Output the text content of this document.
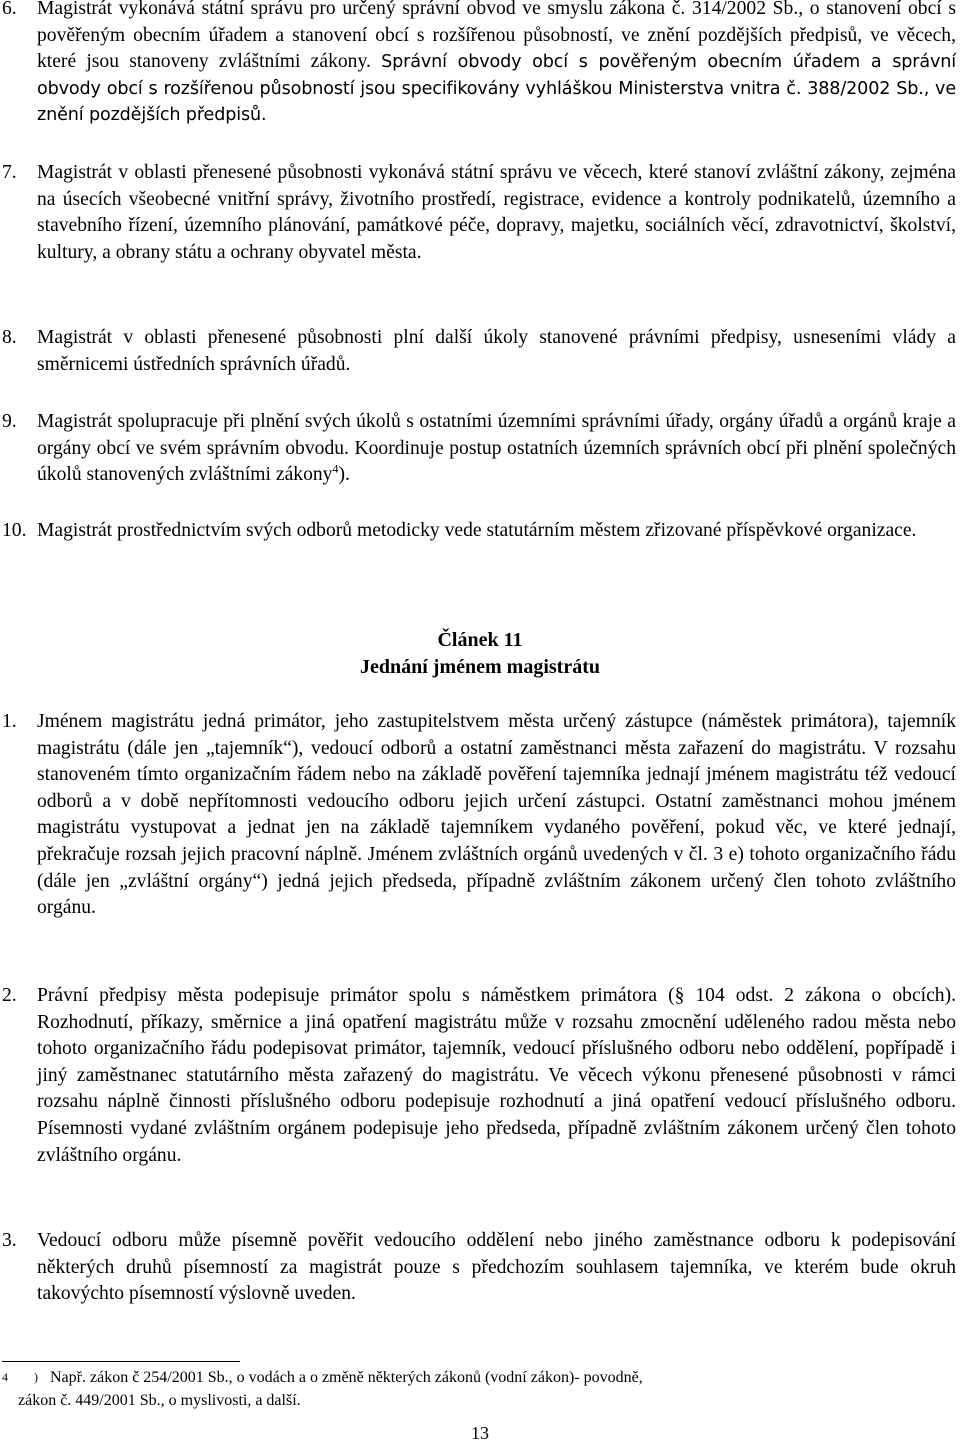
6. Magistrát vykonává státní správu pro určený správní obvod ve smyslu zákona č. 314/2002 Sb., o stanovení obcí s pověřeným obecním úřadem a stanovení obcí s rozšířenou působností, ve znění pozdějších předpisů, ve věcech, které jsou stanoveny zvláštními zákony. Správní obvody obcí s pověřeným obecním úřadem a správní obvody obcí s rozšířenou působností jsou specifikovány vyhláškou Ministerstva vnitra č. 388/2002 Sb., ve znění pozdějších předpisů.
7. Magistrát v oblasti přenesené působnosti vykonává státní správu ve věcech, které stanoví zvláštní zákony, zejména na úsecích všeobecné vnitřní správy, životního prostředí, registrace, evidence a kontroly podnikatelů, územního a stavebního řízení, územního plánování, památkové péče, dopravy, majetku, sociálních věcí, zdravotnictví, školství, kultury, a obrany státu a ochrany obyvatel města.
8. Magistrát v oblasti přenesené působnosti plní další úkoly stanovené právními předpisy, usneseními vlády a směrnicemi ústředních správních úřadů.
9. Magistrát spolupracuje při plnění svých úkolů s ostatními územními správními úřady, orgány úřadů a orgánů kraje a orgány obcí ve svém správním obvodu. Koordinuje postup ostatních územních správních obcí při plnění společných úkolů stanovených zvláštními zákony$^4$).
10. Magistrát prostřednictvím svých odborů metodicky vede statutárním městem zřizované příspěvkové organizace.
Článek 11
Jednání jménem magistrátu
1. Jménem magistrátu jedná primátor, jeho zastupitelstvem města určený zástupce (náměstek primátora), tajemník magistrátu (dále jen „tajemník“), vedoucí odborů a ostatní zaměstnanci města zařazení do magistrátu. V rozsahu stanoveném tímto organizačním řádem nebo na základě pověření tajemníka jednají jménem magistrátu též vedoucí odborů a v době nepřítomnosti vedoucího odboru jejich určení zástupci. Ostatní zaměstnanci mohou jménem magistrátu vystupovat a jednat jen na základě tajemníkem vydaného pověření, pokud věc, ve které jednají, překračuje rozsah jejich pracovní náplně. Jménem zvláštních orgánů uvedených v čl. 3 e) tohoto organizačního řádu (dále jen „zvláštní orgány“) jedná jejich předseda, případně zvláštním zákonem určený člen tohoto zvláštního orgánu.
2. Právní předpisy města podepisuje primátor spolu s náměstkem primátora (§ 104 odst. 2 zákona o obcích). Rozhodnutí, příkazy, směrnice a jiná opatření magistrátu může v rozsahu zmocnění uděleného radou města nebo tohoto organizačního řádu podepisovat primátor, tajemník, vedoucí příslušného odboru nebo oddělení, popřípadě i jiný zaměstnanec statutárního města zařazený do magistrátu. Ve věcech výkonu přenesené působnosti v rámci rozsahu náplně činnosti příslušného odboru podepisuje rozhodnutí a jiná opatření vedoucí příslušného odboru. Písemnosti vydané zvláštním orgánem podepisuje jeho předseda, případně zvláštním zákonem určený člen tohoto zvláštního orgánu.
3. Vedoucí odboru může písemně pověřit vedoucího oddělení nebo jiného zaměstnance odboru k podepisování některých druhů písemností za magistrát pouze s předchozím souhlasem tajemníka, ve kterém bude okruh takovýchto písemností výslovně uveden.
4 ) Např. zákon č 254/2001 Sb., o vodách a o změně některých zákonů (vodní zákon)- povodně,
zákon č. 449/2001 Sb., o myslivosti, a další.
13
